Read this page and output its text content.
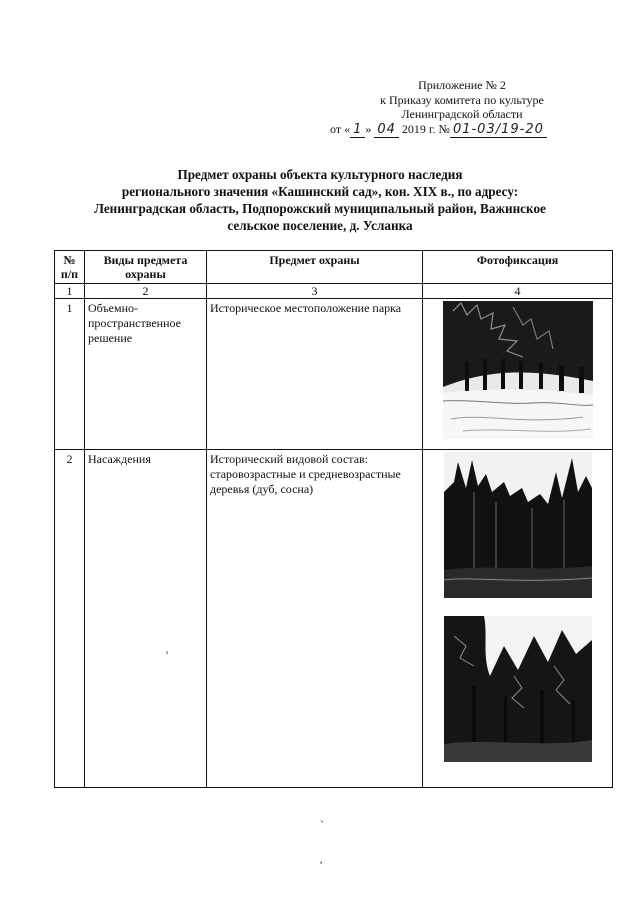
Приложение № 2
к Приказу комитета по культуре
Ленинградской области
от « 1 » 04 2019 г. № 01-03/19-20
Предмет охраны объекта культурного наследия
регионального значения «Кашинский сад», кон. XIX в., по адресу:
Ленинградская область, Подпорожский муниципальный район, Важинское
сельское поселение, д. Усланка
№ п/п	Виды предмета охраны	Предмет охраны	Фотофиксация
1	2	3	4
1	Объемно-пространственное решение	Историческое местоположение парка	

2	Насаждения	Исторический видовой состав: старовозрастные и средневозрастные деревья (дуб, сосна)	
'
`
'
